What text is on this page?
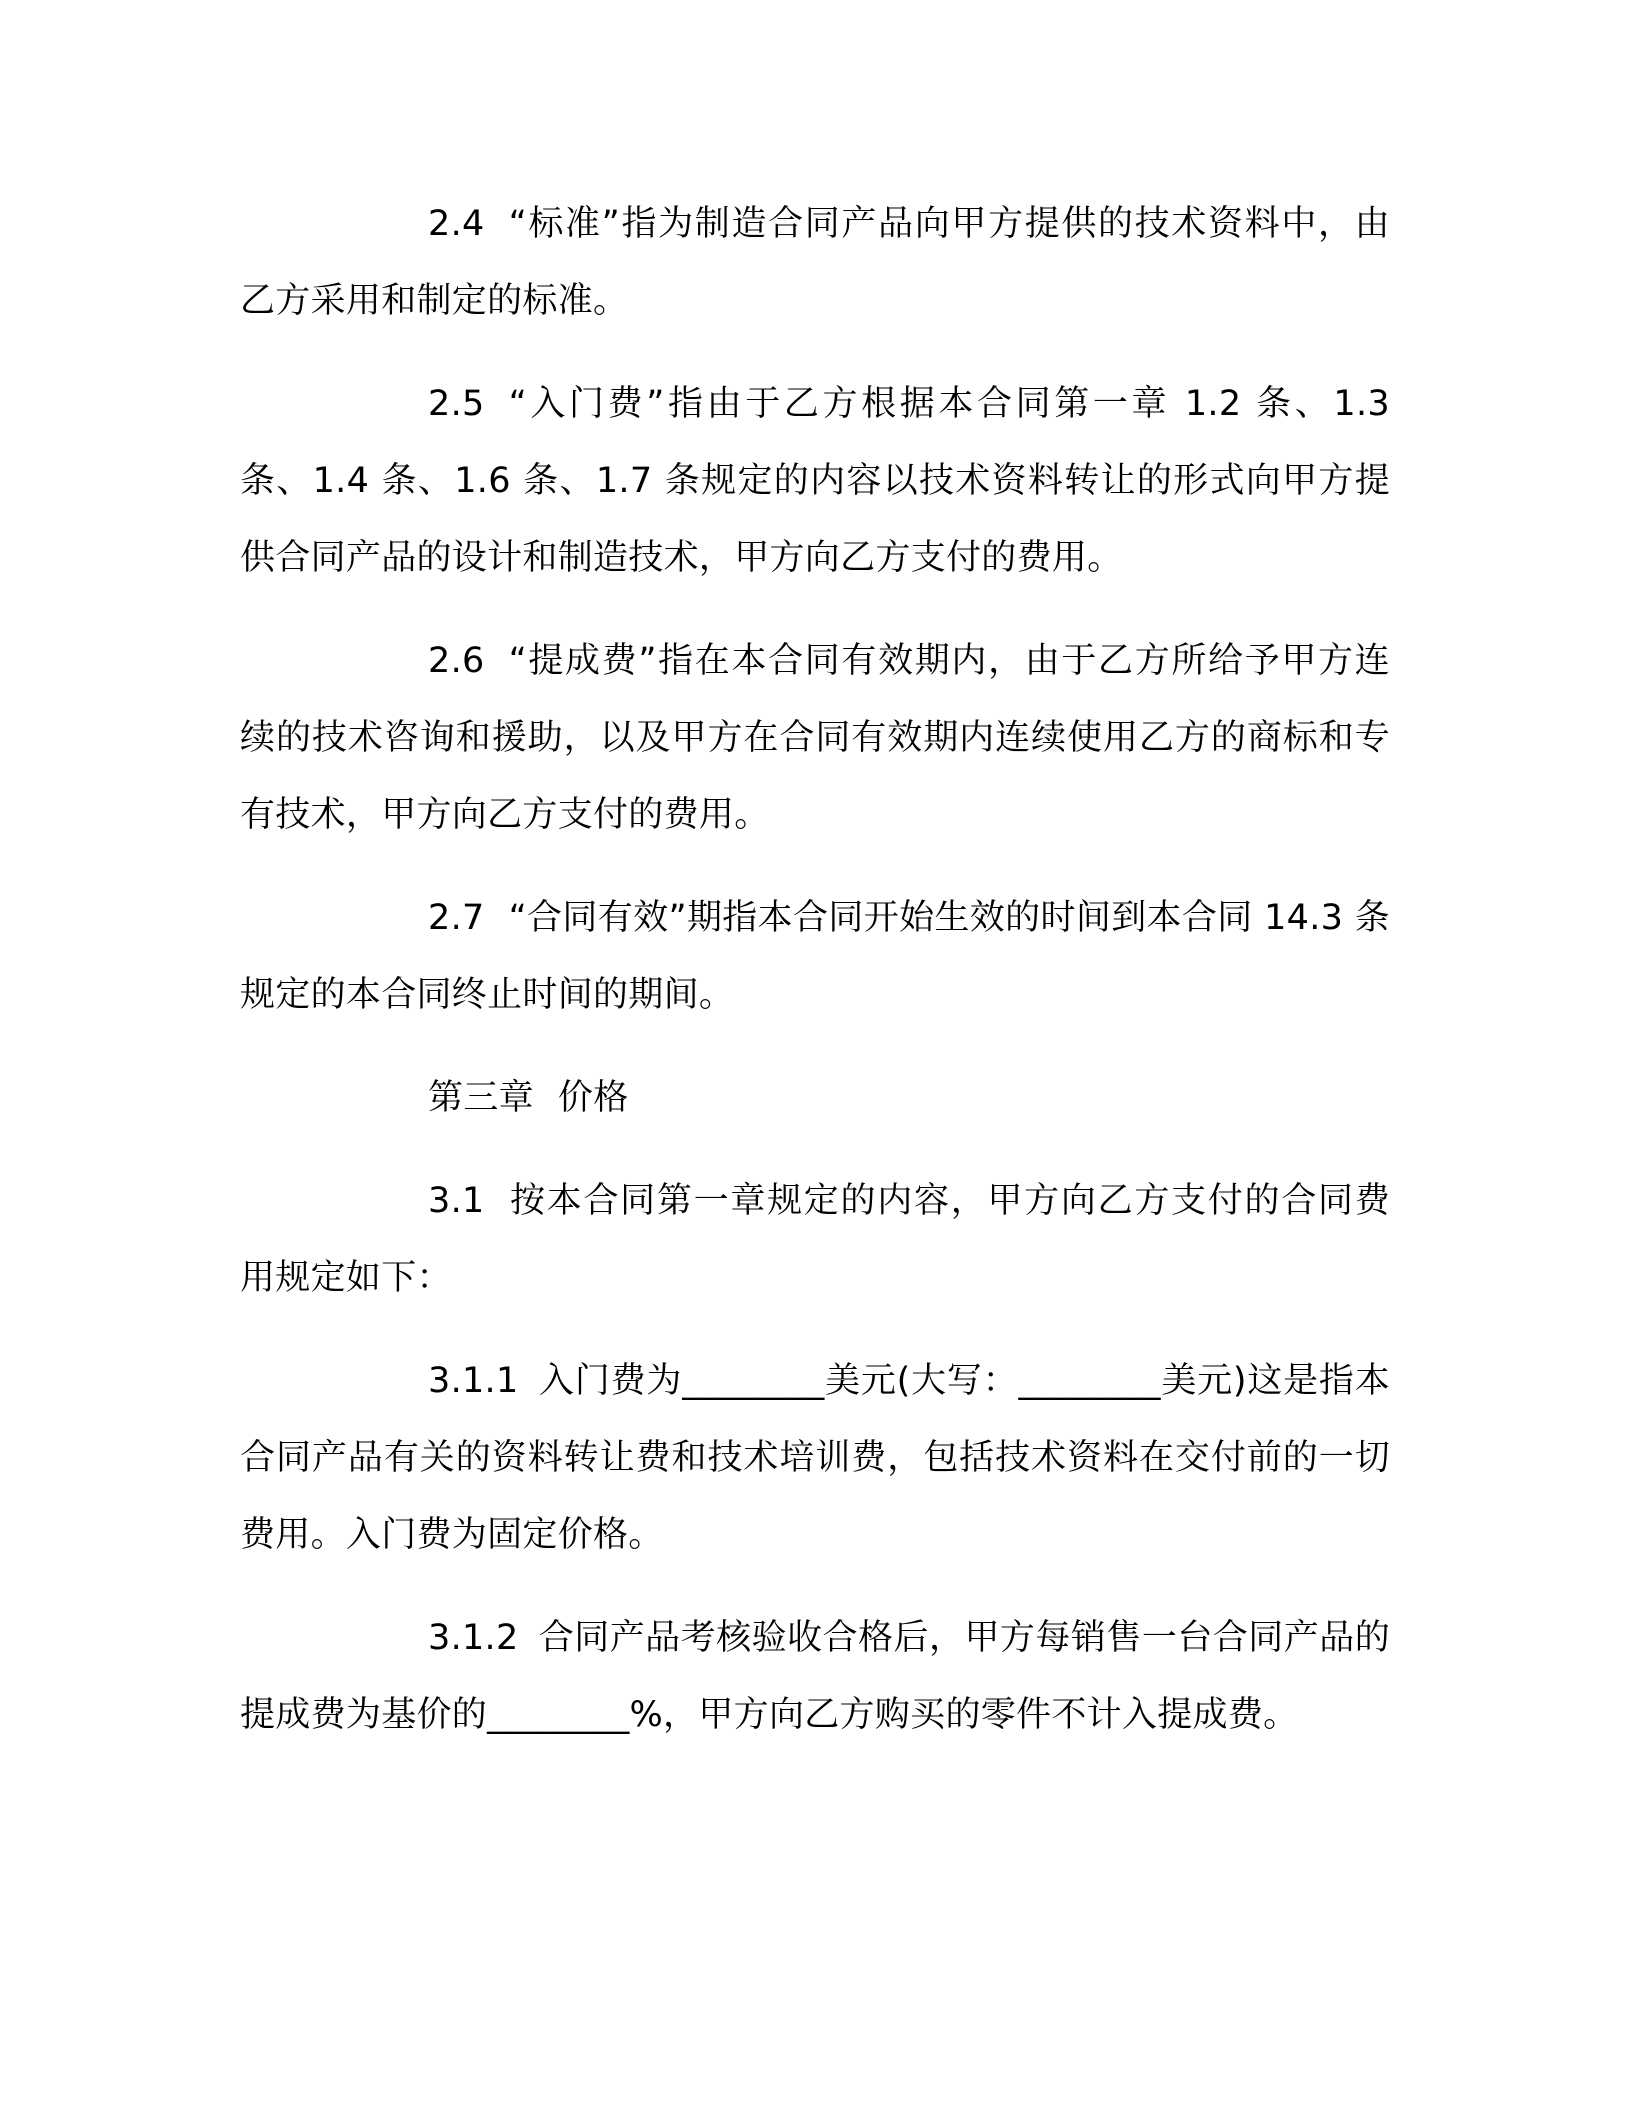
2.4 “标准”指为制造合同产品向甲方提供的技术资料中，由乙方采用和制定的标准。

2.5 “入门费”指由于乙方根据本合同第一章 1.2 条、1.3 条、1.4 条、1.6 条、1.7 条规定的内容以技术资料转让的形式向甲方提供合同产品的设计和制造技术，甲方向乙方支付的费用。

2.6 “提成费”指在本合同有效期内，由于乙方所给予甲方连续的技术咨询和援助，以及甲方在合同有效期内连续使用乙方的商标和专有技术，甲方向乙方支付的费用。

2.7 “合同有效”期指本合同开始生效的时间到本合同 14.3 条规定的本合同终止时间的期间。

第三章 价格

3.1 按本合同第一章规定的内容，甲方向乙方支付的合同费用规定如下：

3.1.1 入门费为________美元(大写：________美元)这是指本合同产品有关的资料转让费和技术培训费，包括技术资料在交付前的一切费用。入门费为固定价格。

3.1.2 合同产品考核验收合格后，甲方每销售一台合同产品的提成费为基价的________%，甲方向乙方购买的零件不计入提成费。
